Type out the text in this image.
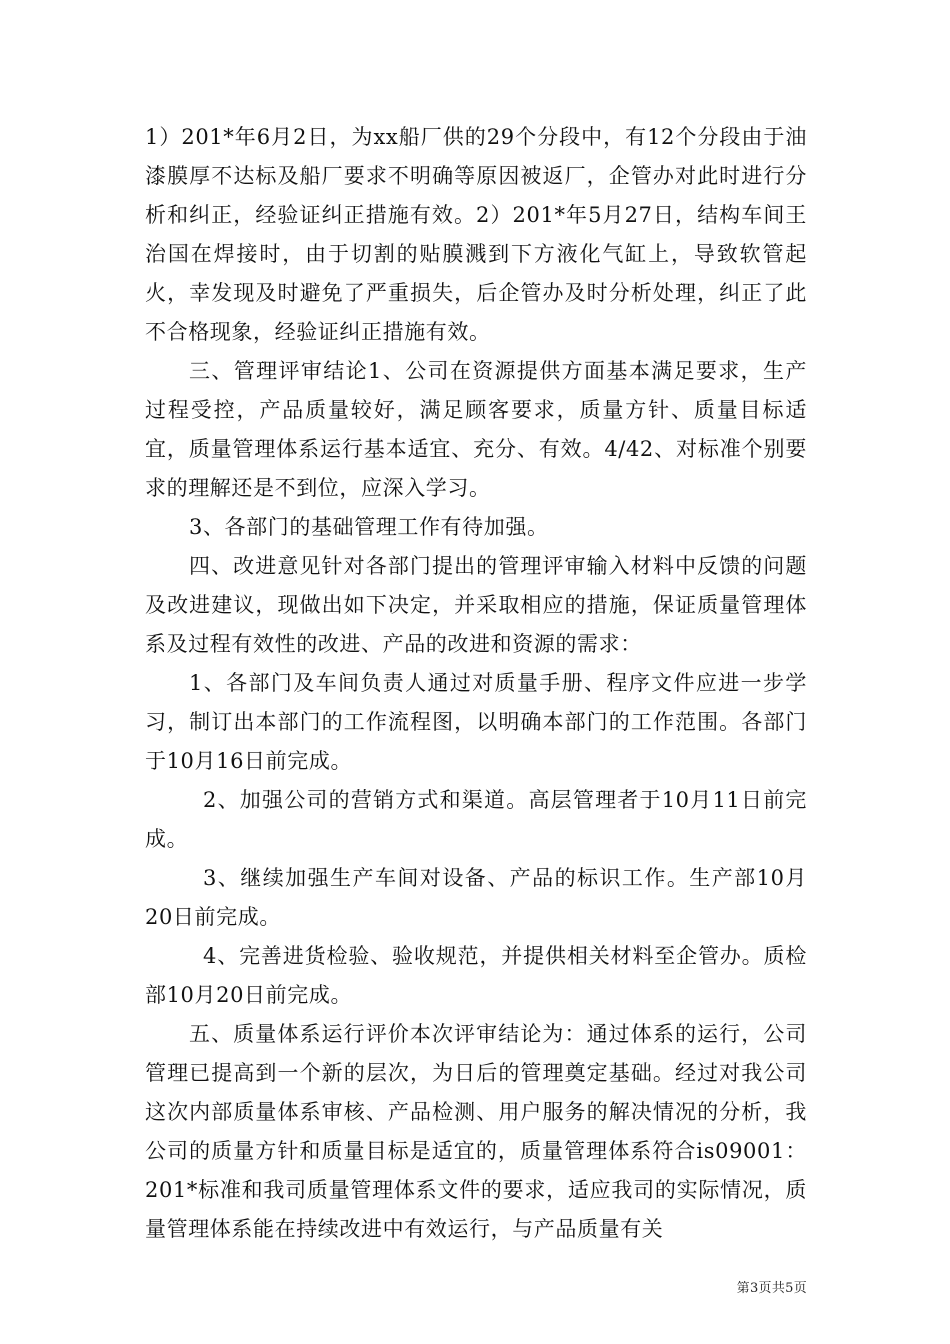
1）201*年6月2日，为xx船厂供的29个分段中，有12个分段由于油漆膜厚不达标及船厂要求不明确等原因被返厂，企管办对此时进行分析和纠正，经验证纠正措施有效。2）201*年5月27日，结构车间王治国在焊接时，由于切割的贴膜溅到下方液化气缸上，导致软管起火，幸发现及时避免了严重损失，后企管办及时分析处理，纠正了此不合格现象，经验证纠正措施有效。

三、管理评审结论1、公司在资源提供方面基本满足要求，生产过程受控，产品质量较好，满足顾客要求，质量方针、质量目标适宜，质量管理体系运行基本适宜、充分、有效。4/42、对标准个别要求的理解还是不到位，应深入学习。

3、各部门的基础管理工作有待加强。

四、改进意见针对各部门提出的管理评审输入材料中反馈的问题及改进建议，现做出如下决定，并采取相应的措施，保证质量管理体系及过程有效性的改进、产品的改进和资源的需求：

1、各部门及车间负责人通过对质量手册、程序文件应进一步学习，制订出本部门的工作流程图，以明确本部门的工作范围。各部门于10月16日前完成。

2、加强公司的营销方式和渠道。高层管理者于10月11日前完成。

3、继续加强生产车间对设备、产品的标识工作。生产部10月20日前完成。

4、完善进货检验、验收规范，并提供相关材料至企管办。质检部10月20日前完成。

五、质量体系运行评价本次评审结论为：通过体系的运行，公司管理已提高到一个新的层次，为日后的管理奠定基础。经过对我公司这次内部质量体系审核、产品检测、用户服务的解决情况的分析，我公司的质量方针和质量目标是适宜的，质量管理体系符合is09001：201*标准和我司质量管理体系文件的要求，适应我司的实际情况，质量管理体系能在持续改进中有效运行，与产品质量有关

第3页共5页
